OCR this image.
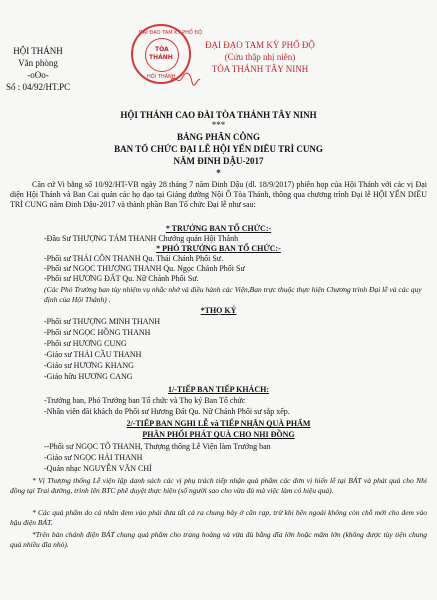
HỘI THÁNH
Văn phòng
-oOo-
Số : 04/92/HT.PC
ĐẠI ĐẠO TAM KỲ PHỔ ĐỘ
TÒA
THÁNH
HỘI THÁNH
ĐẠI ĐẠO TAM KỲ PHỔ ĐỘ
(Cửu thập nhị niên)
TÒA THÁNH TÂY NINH
HỘI THÁNH CAO ĐÀI TÒA THÁNH TÂY NINH
***
BẢNG PHÂN CÔNG
BAN TỔ CHỨC ĐẠI LỄ HỘI YẾN DIÊU TRÌ CUNG
NĂM ĐINH DẬU-2017
*
Căn cứ Vi bằng số 10/92/HT-VB ngày 28 tháng 7 năm Đinh Dậu (dl. 18/9/2017) phiên họp của Hội Thánh với các vị Đại diện Hội Thánh và Ban Cai quản các họ đạo tại Giảng đường Nội Ô Tòa Thánh, thông qua chương trình Đại lễ HỘI YẾN DIÊU TRÌ CUNG năm Đinh Dậu-2017 và thành phần Ban Tổ chức Đại lễ như sau:
* TRƯỞNG BAN TỔ CHỨC:-
-Đầu Sư THƯỢNG TÁM THANH Chưởng quản Hội Thánh
* PHÓ TRƯỞNG BAN TỔ CHỨC:-
-Phối sư THÁI CÔN THANH Qu. Thái Chánh Phối Sư.
-Phối sư NGỌC THƯỢNG THANH Qu. Ngọc Chánh Phối Sư
-Phối sư HƯƠNG ĐẤT Qu. Nữ Chánh Phối Sư.
(Các Phó Trưởng ban tùy nhiệm vụ nhắc nhở và điều hành các Viện,Ban trực thuộc thực hiện Chương trình Đại lễ và các quy định của Hội Thánh) .
*THỌ KÝ
-Phối sư THƯỢNG MINH THANH
-Phối sư NGỌC HỒNG THANH
-Phối sư HƯƠNG CUNG
-Giáo sư THÁI CẦU THANH
-Giáo sư HƯƠNG KHANG
-Giáo hữu HƯƠNG CANG
1/-TIẾP BAN TIẾP KHÁCH:
-Trưởng ban, Phó Trưởng ban Tổ chức và Thọ ký Ban Tổ chức
-Nhân viên đãi khách do Phối sư Hương Đất Qu. Nữ Chánh Phối sư sắp xếp.
2/-TIẾP BAN NGHI LỄ và TIẾP NHẬN QUÀ PHẨM
PHÂN PHỐI PHÁT QUÀ CHO NHI ĐỒNG
--Phối sư NGỌC TÔ THANH, Thượng thống Lễ Viện làm Trưởng ban
-Giáo sư NGỌC HẢI THANH
-Quản nhạc NGUYỄN VĂN CHÍ
* Vị Thượng thống Lễ viện lập danh sách các vị phụ trách tiếp nhận quà phẩm các đơn vị hiến lễ tại BÁT và phát quà cho Nhi đồng tại Trai đường, trình lên BTC phê duyệt thực hiện (số người sao cho vừa đủ mà việc làm có hiệu quả).
* Các quà phẩm do cá nhân đem vào phải đưa tất cả ra chung bày ở căn rạp, trừ khi bên ngoài không còn chỗ mới cho đem vào hậu điện BÁT.
*Trên bàn chánh điện BÁT chung quả phẩm cho trang hoàng và vừa đủ bằng dĩa lớn hoặc mâm lớn (không được tùy tiện chung quả nhiều dĩa nhỏ).
